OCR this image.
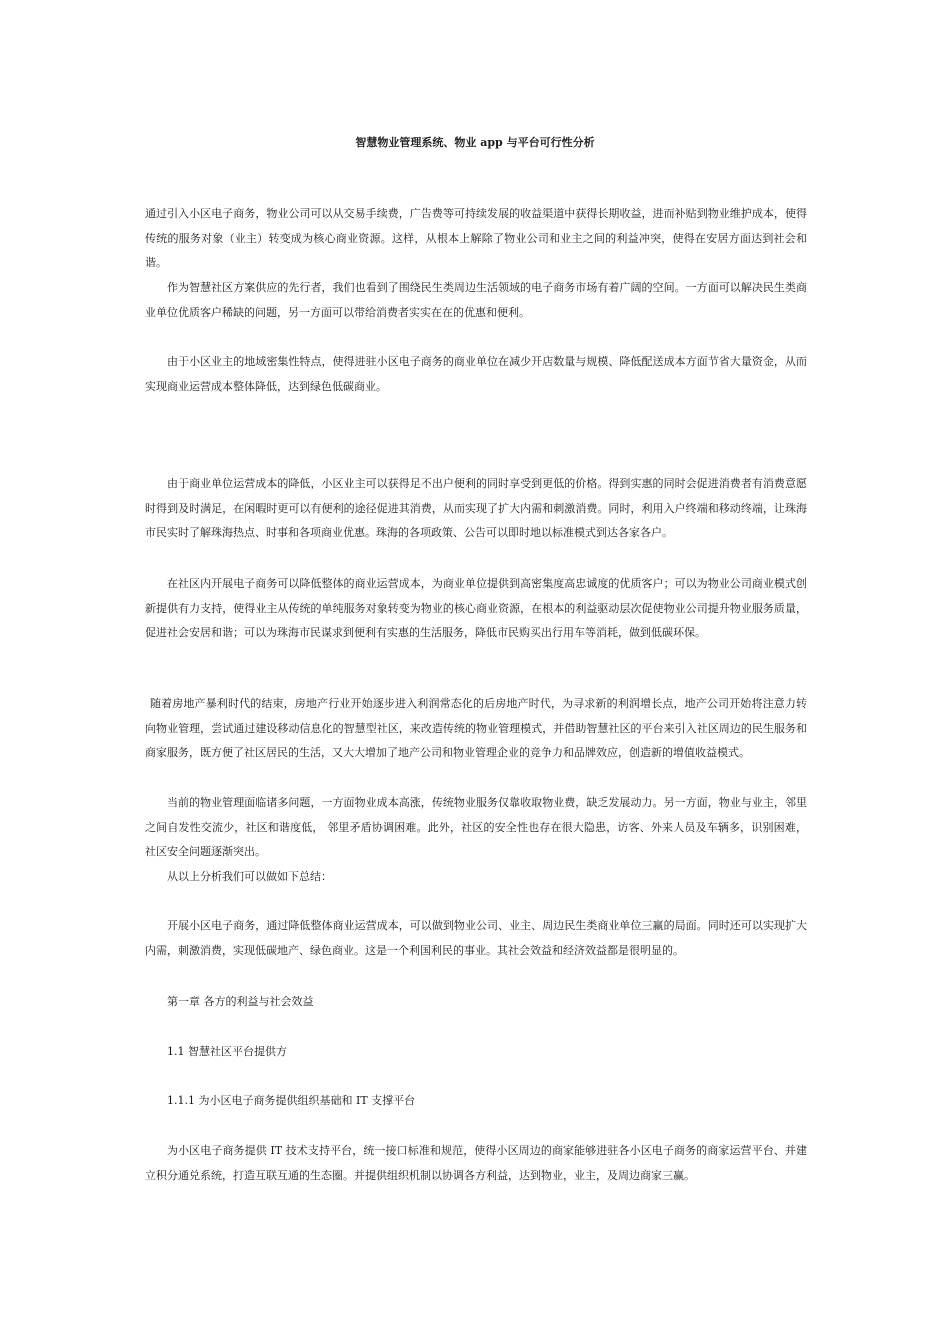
智慧物业管理系统、物业 app 与平台可行性分析

通过引入小区电子商务，物业公司可以从交易手续费，广告费等可持续发展的收益渠道中获得长期收益，进而补贴到物业维护成本，使得传统的服务对象（业主）转变成为核心商业资源。这样，从根本上解除了物业公司和业主之间的利益冲突，使得在安居方面达到社会和谐。

作为智慧社区方案供应的先行者，我们也看到了围绕民生类周边生活领域的电子商务市场有着广阔的空间。一方面可以解决民生类商业单位优质客户稀缺的问题，另一方面可以带给消费者实实在在的优惠和便利。

由于小区业主的地域密集性特点，使得进驻小区电子商务的商业单位在减少开店数量与规模、降低配送成本方面节省大量资金，从而实现商业运营成本整体降低，达到绿色低碳商业。

由于商业单位运营成本的降低，小区业主可以获得足不出户便利的同时享受到更低的价格。得到实惠的同时会促进消费者有消费意愿时得到及时满足，在闲暇时更可以有便利的途径促进其消费，从而实现了扩大内需和刺激消费。同时，利用入户终端和移动终端，让珠海市民实时了解珠海热点、时事和各项商业优惠。珠海的各项政策、公告可以即时地以标准模式到达各家各户。

在社区内开展电子商务可以降低整体的商业运营成本，为商业单位提供到高密集度高忠诚度的优质客户；可以为物业公司商业模式创新提供有力支持，使得业主从传统的单纯服务对象转变为物业的核心商业资源，在根本的利益驱动层次促使物业公司提升物业服务质量，促进社会安居和谐；可以为珠海市民谋求到便利有实惠的生活服务，降低市民购买出行用车等消耗，做到低碳环保。

随着房地产暴利时代的结束，房地产行业开始逐步进入利润常态化的后房地产时代，为寻求新的利润增长点，地产公司开始将注意力转向物业管理，尝试通过建设移动信息化的智慧型社区，来改造传统的物业管理模式，并借助智慧社区的平台来引入社区周边的民生服务和商家服务，既方便了社区居民的生活，又大大增加了地产公司和物业管理企业的竞争力和品牌效应，创造新的增值收益模式。

当前的物业管理面临诸多问题，一方面物业成本高涨，传统物业服务仅靠收取物业费，缺乏发展动力。另一方面，物业与业主，邻里之间自发性交流少，社区和谐度低， 邻里矛盾协调困难。此外，社区的安全性也存在很大隐患，访客、外来人员及车辆多，识别困难，社区安全问题逐渐突出。

从以上分析我们可以做如下总结：

开展小区电子商务，通过降低整体商业运营成本，可以做到物业公司、业主、周边民生类商业单位三赢的局面。同时还可以实现扩大内需，刺激消费，实现低碳地产、绿色商业。这是一个利国利民的事业。其社会效益和经济效益都是很明显的。

第一章 各方的利益与社会效益

1.1 智慧社区平台提供方

1.1.1 为小区电子商务提供组织基础和 IT 支撑平台

为小区电子商务提供 IT 技术支持平台，统一接口标准和规范，使得小区周边的商家能够进驻各小区电子商务的商家运营平台、并建立积分通兑系统，打造互联互通的生态圈。并提供组织机制以协调各方利益，达到物业，业主，及周边商家三赢。
